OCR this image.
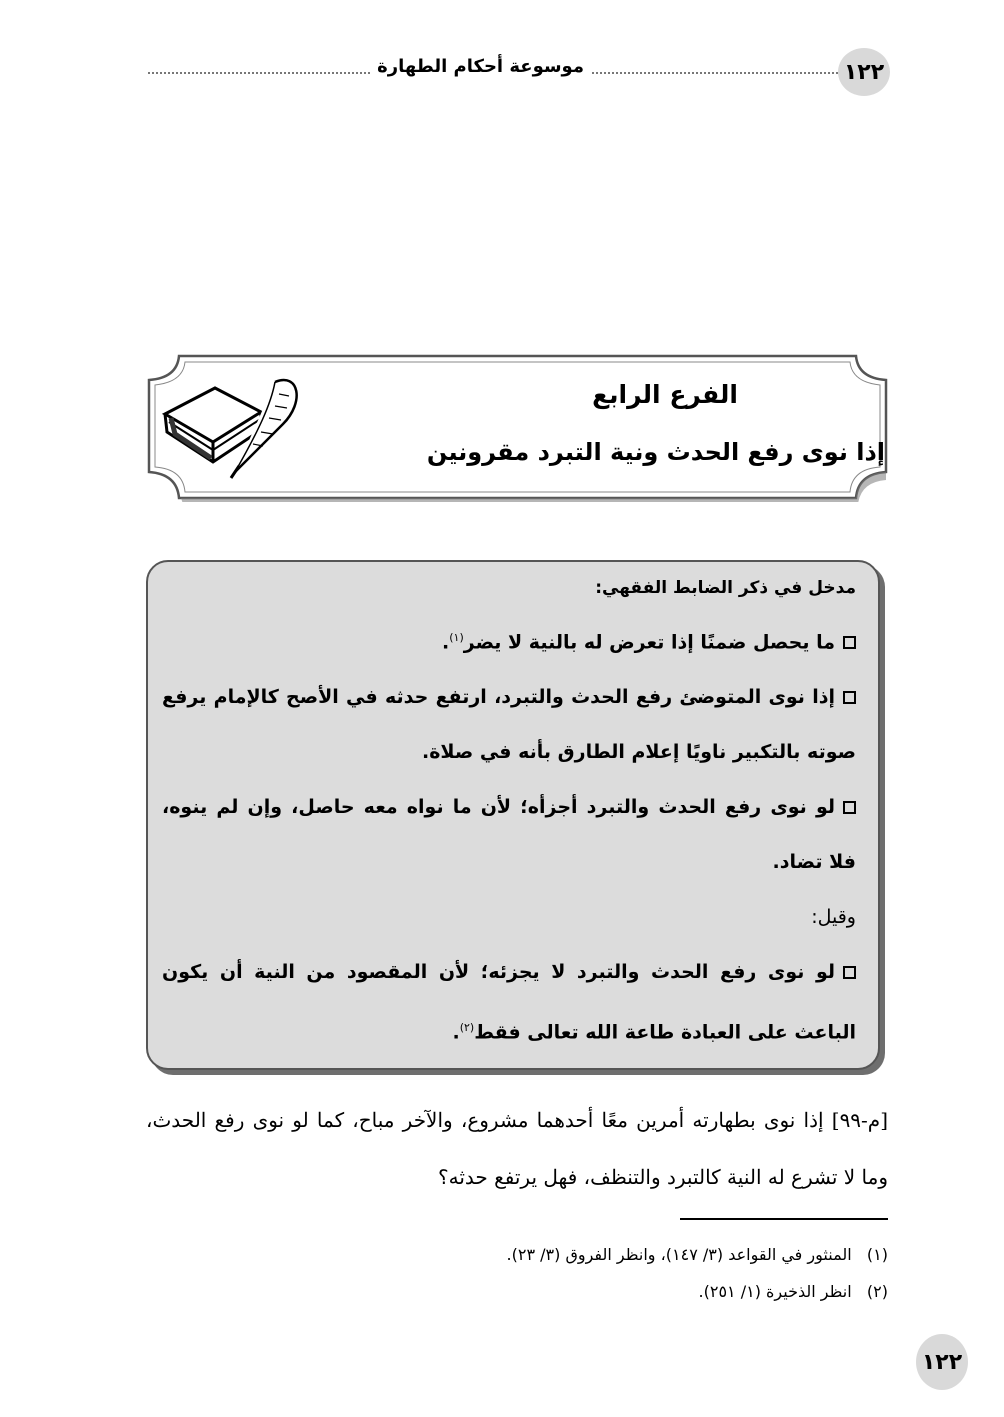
موسوعة أحكام الطهارة	١٢٢
الفرع الرابع
إذا نوى رفع الحدث ونية التبرد مقرونين
مدخل في ذكر الضابط الفقهي:
ما يحصل ضمنًا إذا تعرض له بالنية لا يضر$^{(١)}$.
إذا نوى المتوضئ رفع الحدث والتبرد، ارتفع حدثه في الأصح كالإمام يرفع صوته بالتكبير ناويًا إعلام الطارق بأنه في صلاة.
لو نوى رفع الحدث والتبرد أجزأه؛ لأن ما نواه معه حاصل، وإن لم ينوه، فلا تضاد.
وقيل:
لو نوى رفع الحدث والتبرد لا يجزئه؛ لأن المقصود من النية أن يكون الباعث على العبادة طاعة الله تعالى فقط$^{(٢)}$.
[م-٩٩] إذا نوى بطهارته أمرين معًا أحدهما مشروع، والآخر مباح، كما لو نوى رفع الحدث، وما لا تشرع له النية كالتبرد والتنظف، فهل يرتفع حدثه؟
(١)   المنثور في القواعد (٣/ ١٤٧)، وانظر الفروق (٣/ ٢٣).
(٢)   انظر الذخيرة (١/ ٢٥١).
١٢٢
